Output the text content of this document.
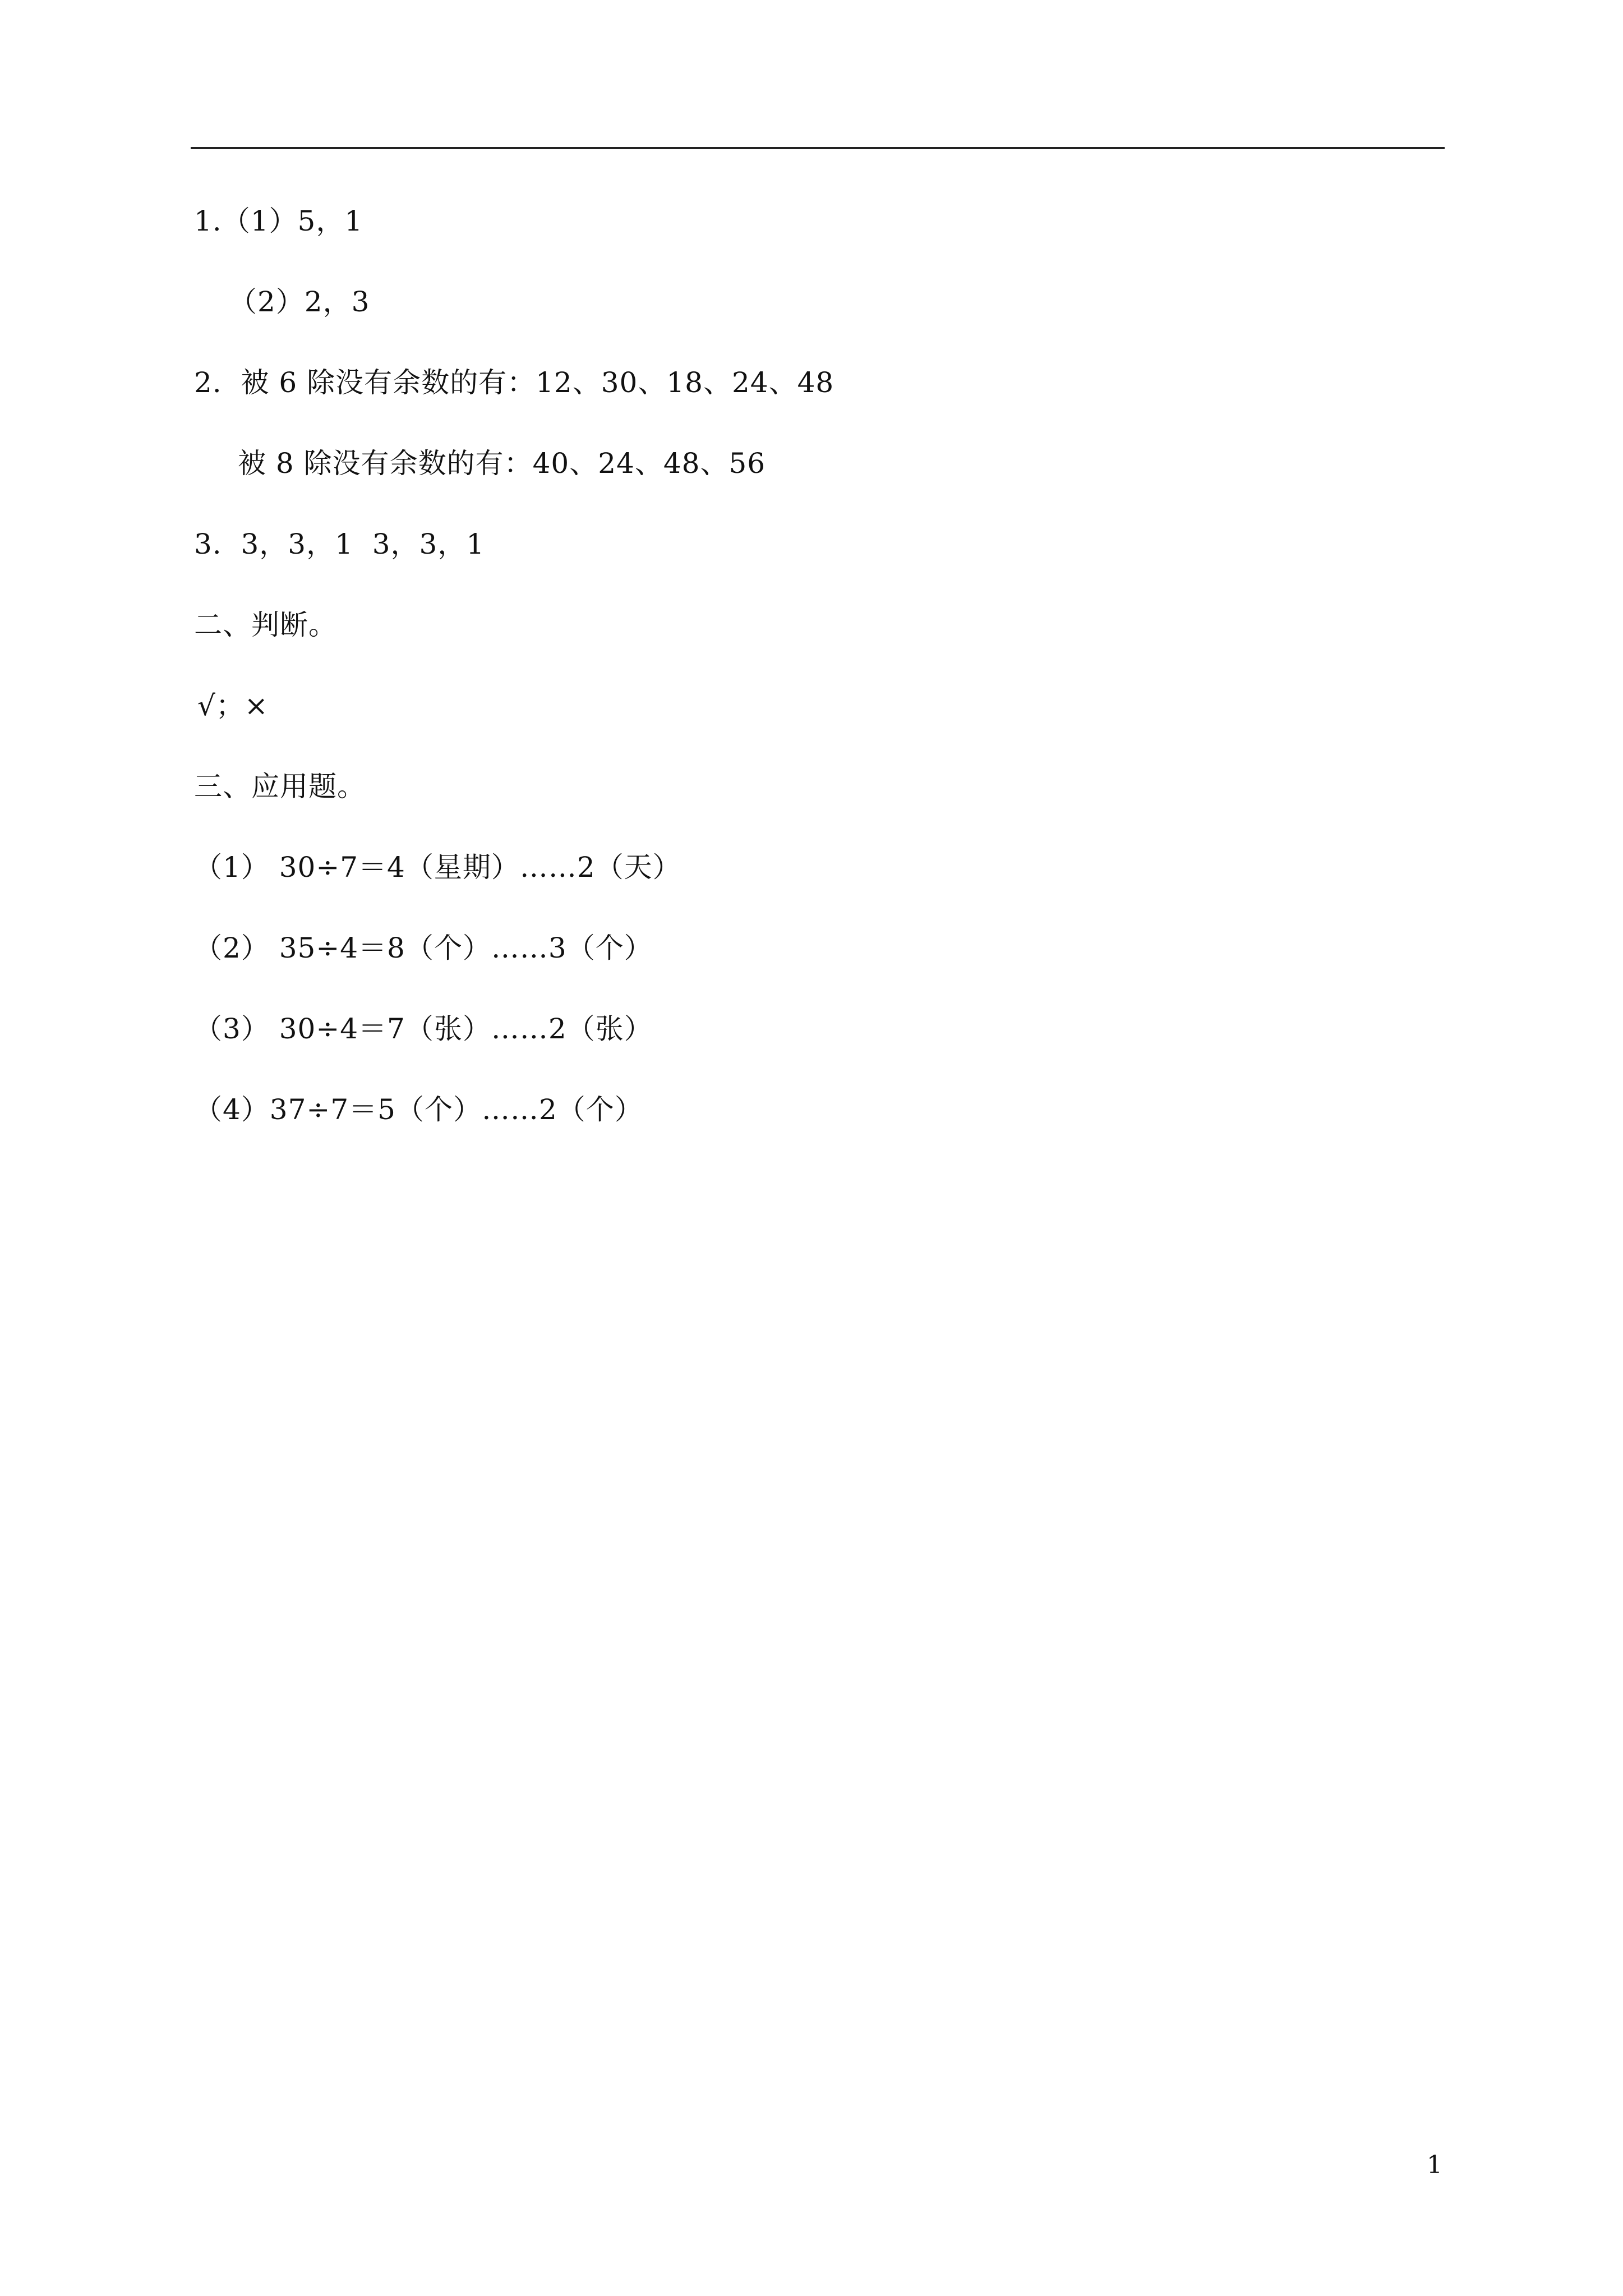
1.（1）5，1
（2）2，3
2.  被 6 除没有余数的有：12、30、18、24、48
被 8 除没有余数的有：40、24、48、56
3.  3，3，1  3，3，1
二、判断。
√；×
三、应用题。
（1） 30÷7＝4（星期）……2（天）
（2） 35÷4＝8（个）……3（个）
（3） 30÷4＝7（张）……2（张）
（4）37÷7＝5（个）……2（个）
1
